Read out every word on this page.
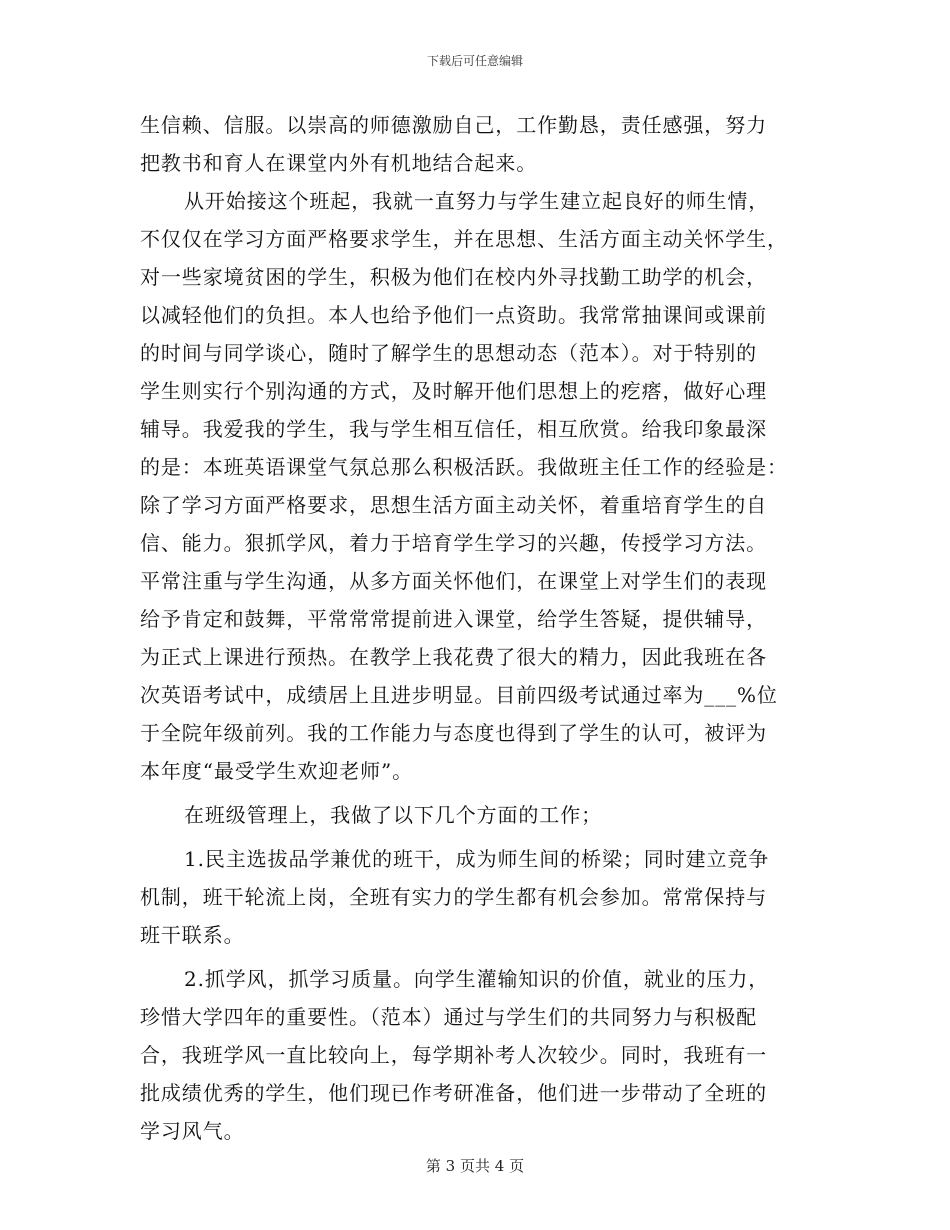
下载后可任意编辑
生信赖、信服。以崇高的师德激励自己，工作勤恳，责任感强，努力
把教书和育人在课堂内外有机地结合起来。
从开始接这个班起，我就一直努力与学生建立起良好的师生情，
不仅仅在学习方面严格要求学生，并在思想、生活方面主动关怀学生，
对一些家境贫困的学生，积极为他们在校内外寻找勤工助学的机会，
以减轻他们的负担。本人也给予他们一点资助。我常常抽课间或课前
的时间与同学谈心，随时了解学生的思想动态（范本）。对于特别的
学生则实行个别沟通的方式，及时解开他们思想上的疙瘩，做好心理
辅导。我爱我的学生，我与学生相互信任，相互欣赏。给我印象最深
的是：本班英语课堂气氛总那么积极活跃。我做班主任工作的经验是：
除了学习方面严格要求，思想生活方面主动关怀，着重培育学生的自
信、能力。狠抓学风，着力于培育学生学习的兴趣，传授学习方法。
平常注重与学生沟通，从多方面关怀他们，在课堂上对学生们的表现
给予肯定和鼓舞，平常常常提前进入课堂，给学生答疑，提供辅导，
为正式上课进行预热。在教学上我花费了很大的精力，因此我班在各
次英语考试中，成绩居上且进步明显。目前四级考试通过率为___%位
于全院年级前列。我的工作能力与态度也得到了学生的认可，被评为
本年度“最受学生欢迎老师”。
在班级管理上，我做了以下几个方面的工作；
1.民主选拔品学兼优的班干，成为师生间的桥梁；同时建立竞争
机制，班干轮流上岗，全班有实力的学生都有机会参加。常常保持与
班干联系。
2.抓学风，抓学习质量。向学生灌输知识的价值，就业的压力，
珍惜大学四年的重要性。（范本）通过与学生们的共同努力与积极配
合，我班学风一直比较向上，每学期补考人次较少。同时，我班有一
批成绩优秀的学生，他们现已作考研准备，他们进一步带动了全班的
学习风气。
第 3 页共 4 页
